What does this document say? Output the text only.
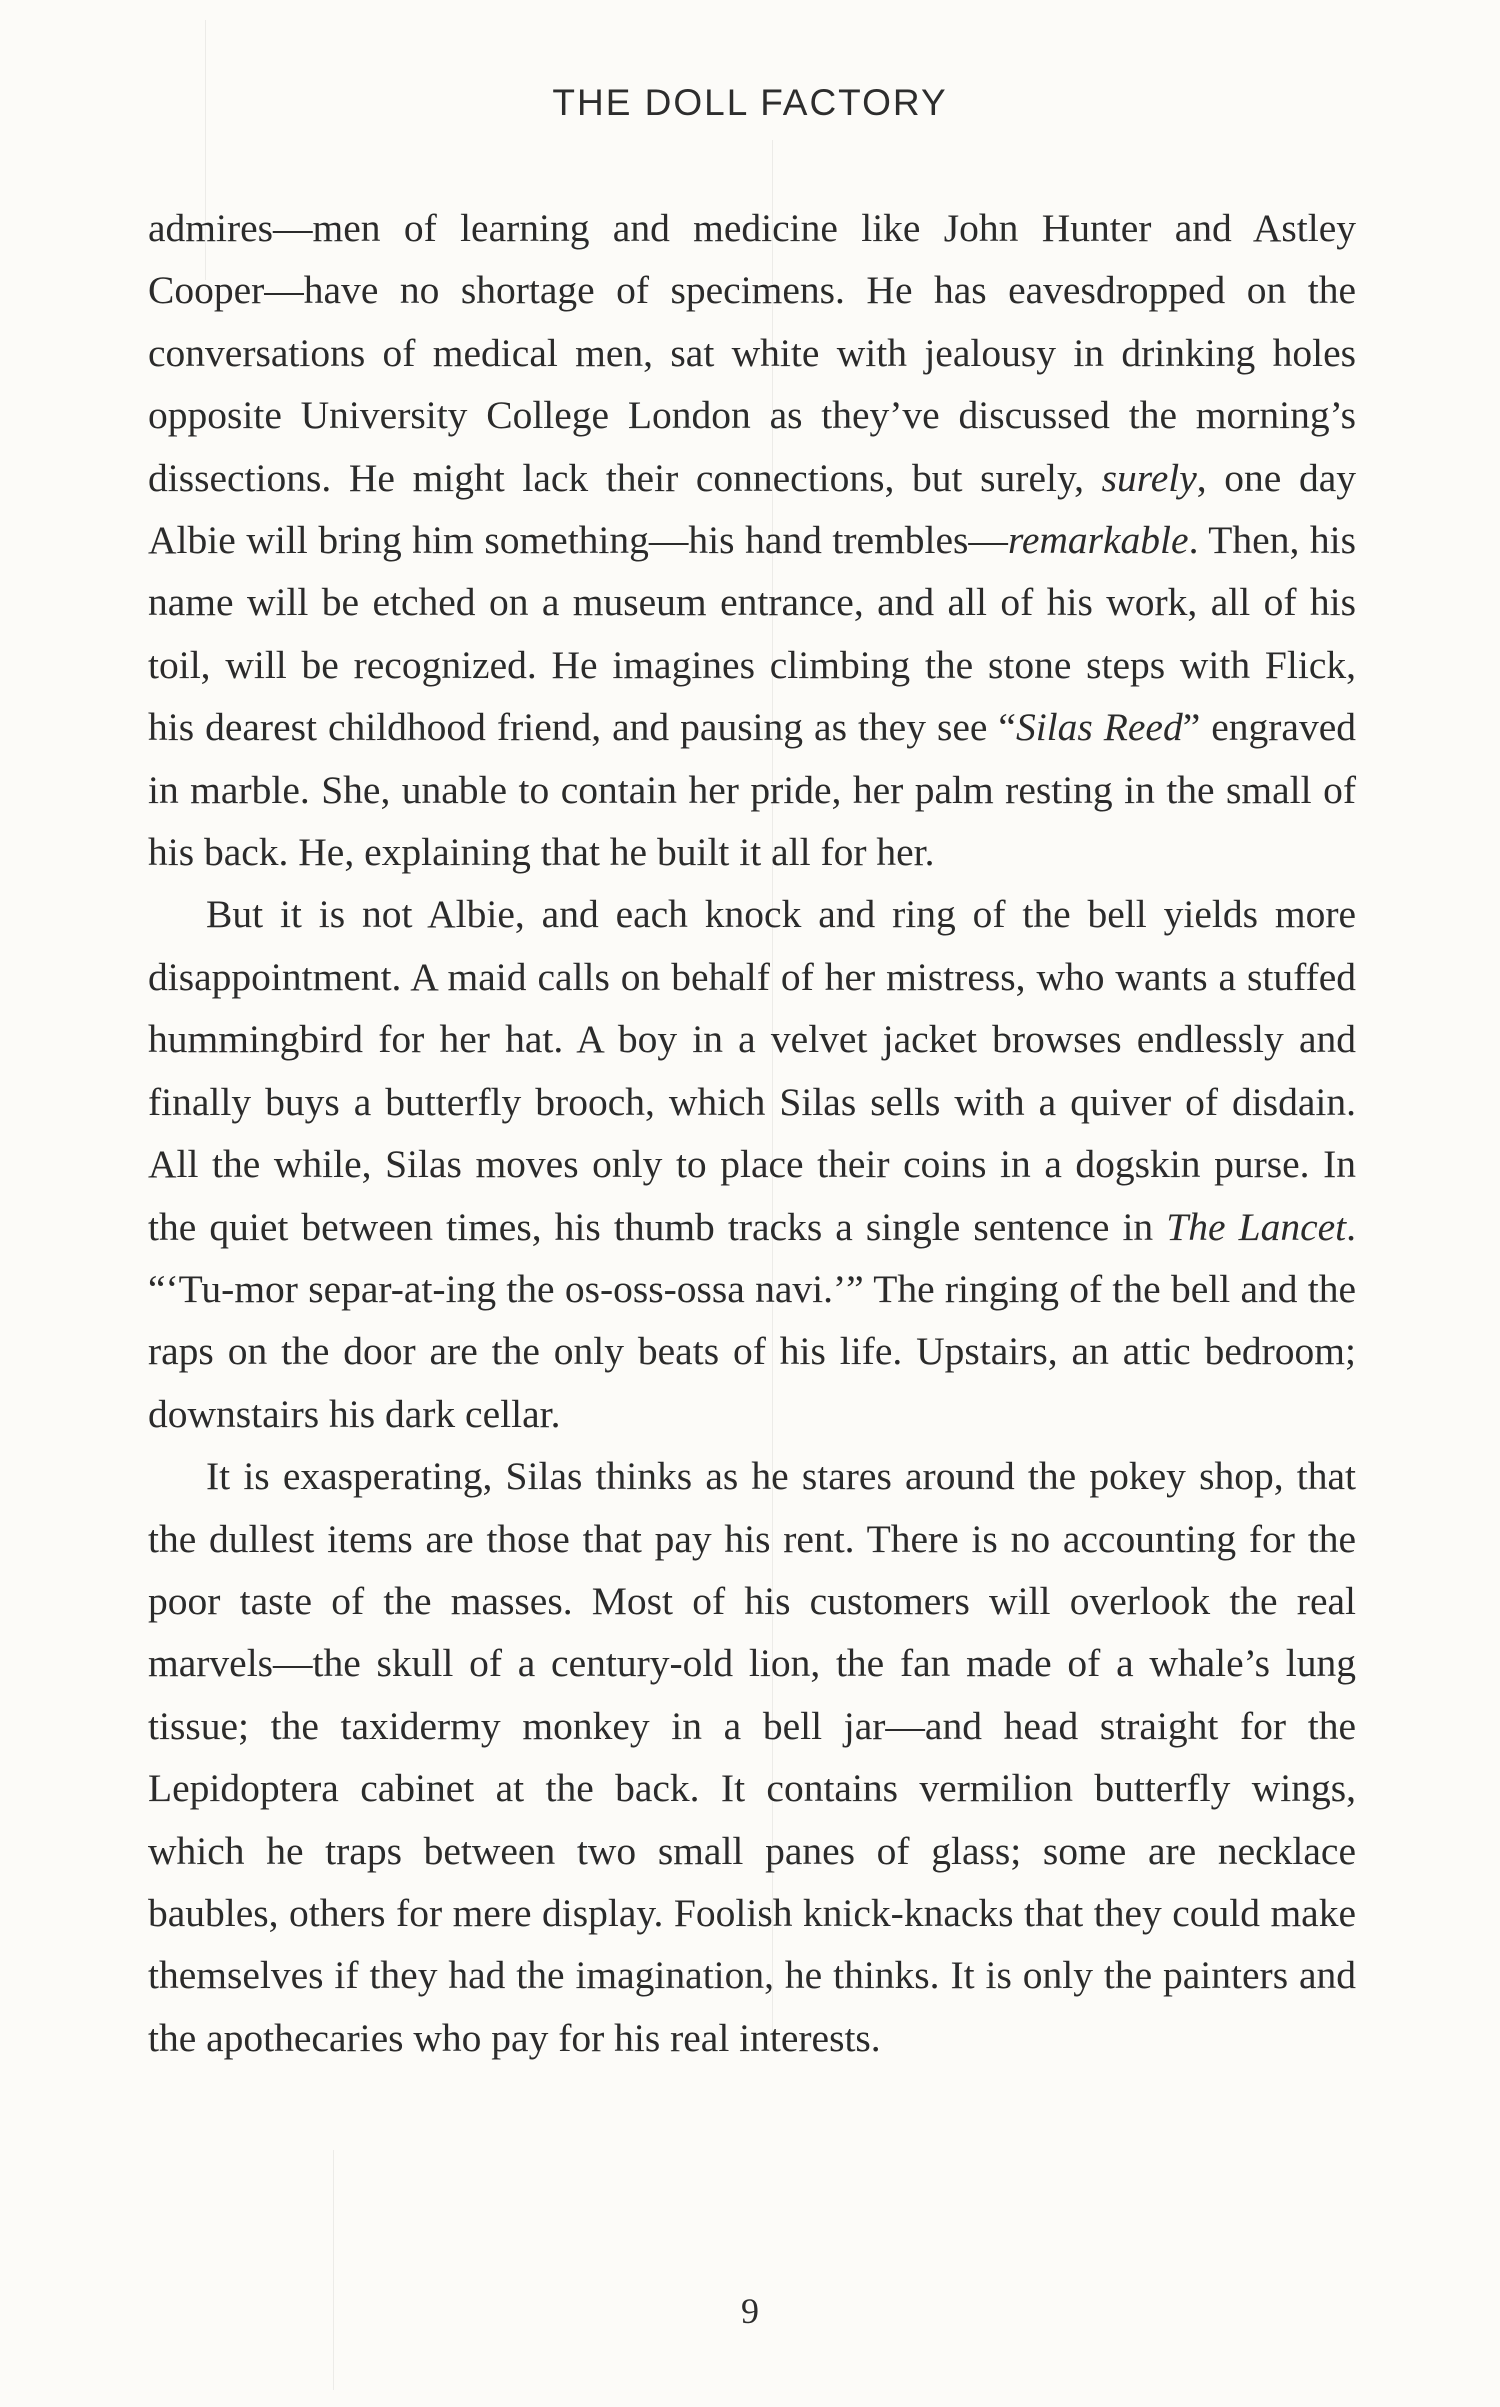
THE DOLL FACTORY

admires—men of learning and medicine like John Hunter and Astley Cooper—have no shortage of specimens. He has eavesdropped on the conversations of medical men, sat white with jealousy in drinking holes opposite University College London as they’ve discussed the morning’s dissections. He might lack their connections, but surely, surely, one day Albie will bring him something—his hand trembles—remarkable. Then, his name will be etched on a museum entrance, and all of his work, all of his toil, will be recognized. He imagines climbing the stone steps with Flick, his dearest childhood friend, and pausing as they see “Silas Reed” engraved in marble. She, unable to contain her pride, her palm resting in the small of his back. He, explaining that he built it all for her.

But it is not Albie, and each knock and ring of the bell yields more disappointment. A maid calls on behalf of her mistress, who wants a stuffed hummingbird for her hat. A boy in a velvet jacket browses endlessly and finally buys a butterfly brooch, which Silas sells with a quiver of disdain. All the while, Silas moves only to place their coins in a dogskin purse. In the quiet between times, his thumb tracks a single sentence in The Lancet. “‘Tu-mor separ-at-ing the os-oss-ossa navi.’” The ringing of the bell and the raps on the door are the only beats of his life. Upstairs, an attic bedroom; downstairs his dark cellar.

It is exasperating, Silas thinks as he stares around the pokey shop, that the dullest items are those that pay his rent. There is no accounting for the poor taste of the masses. Most of his customers will overlook the real marvels—the skull of a century-old lion, the fan made of a whale’s lung tissue; the taxidermy monkey in a bell jar—and head straight for the Lepidoptera cabinet at the back. It contains vermilion butterfly wings, which he traps between two small panes of glass; some are necklace baubles, others for mere display. Foolish knick-knacks that they could make themselves if they had the imagination, he thinks. It is only the painters and the apothecaries who pay for his real interests.

9
